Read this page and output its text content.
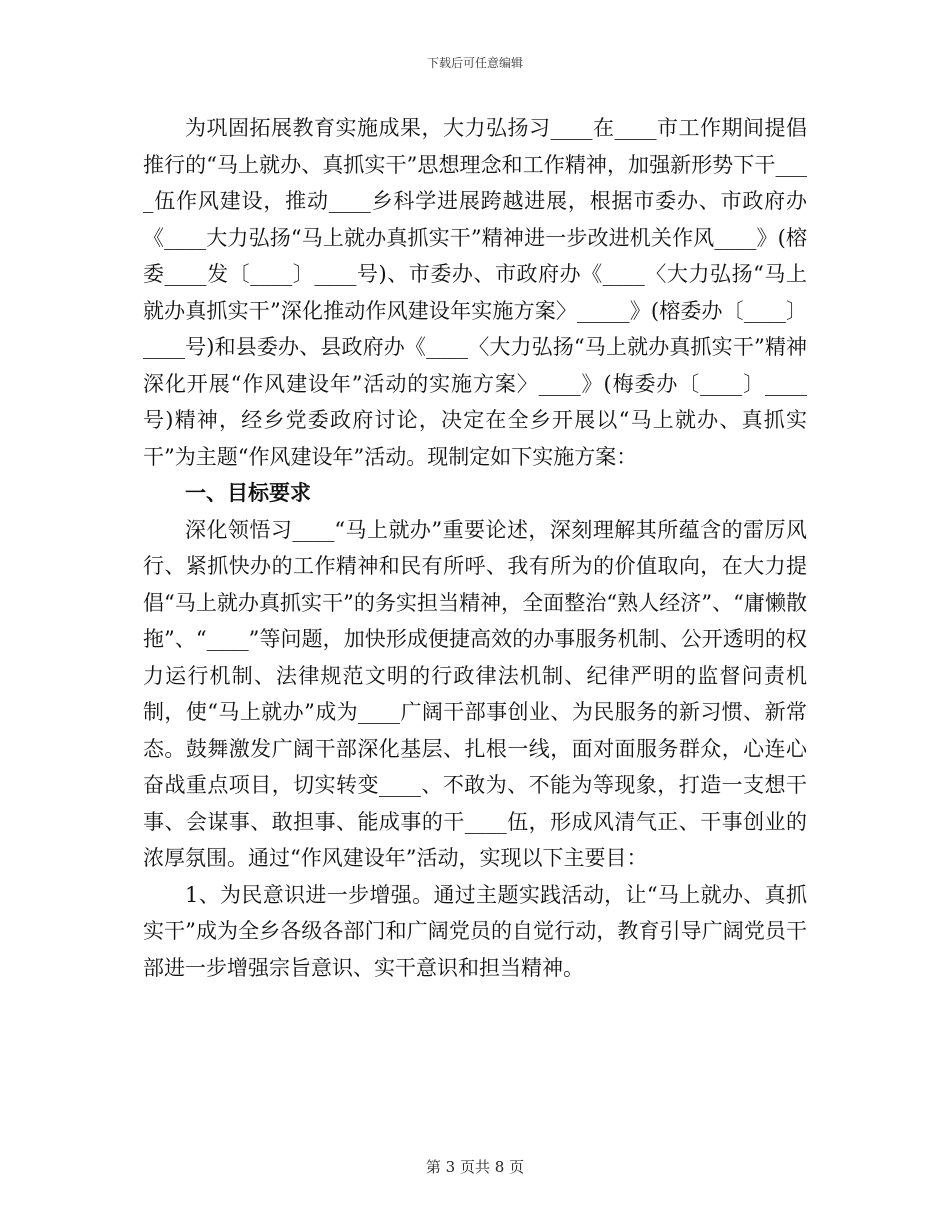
下载后可任意编辑

为巩固拓展教育实施成果，大力弘扬习____在____市工作期间提倡推行的“马上就办、真抓实干”思想理念和工作精神，加强新形势下干____伍作风建设，推动____乡科学进展跨越进展，根据市委办、市政府办《____大力弘扬“马上就办真抓实干”精神进一步改进机关作风____》(榕委____发〔____〕____号)、市委办、市政府办《____〈大力弘扬“马上就办真抓实干”深化推动作风建设年实施方案〉_____》(榕委办〔____〕____号)和县委办、县政府办《____〈大力弘扬“马上就办真抓实干”精神深化开展“作风建设年”活动的实施方案〉____》(梅委办〔____〕____号)精神，经乡党委政府讨论，决定在全乡开展以“马上就办、真抓实干”为主题“作风建设年”活动。现制定如下实施方案：

一、目标要求

深化领悟习____“马上就办”重要论述，深刻理解其所蕴含的雷厉风行、紧抓快办的工作精神和民有所呼、我有所为的价值取向，在大力提倡“马上就办真抓实干”的务实担当精神，全面整治“熟人经济”、“庸懒散拖”、“____”等问题，加快形成便捷高效的办事服务机制、公开透明的权力运行机制、法律规范文明的行政律法机制、纪律严明的监督问责机制，使“马上就办”成为____广阔干部事创业、为民服务的新习惯、新常态。鼓舞激发广阔干部深化基层、扎根一线，面对面服务群众，心连心奋战重点项目，切实转变____、不敢为、不能为等现象，打造一支想干事、会谋事、敢担事、能成事的干____伍，形成风清气正、干事创业的浓厚氛围。通过“作风建设年”活动，实现以下主要目：

1、为民意识进一步增强。通过主题实践活动，让“马上就办、真抓实干”成为全乡各级各部门和广阔党员的自觉行动，教育引导广阔党员干部进一步增强宗旨意识、实干意识和担当精神。

第 3 页共 8 页
